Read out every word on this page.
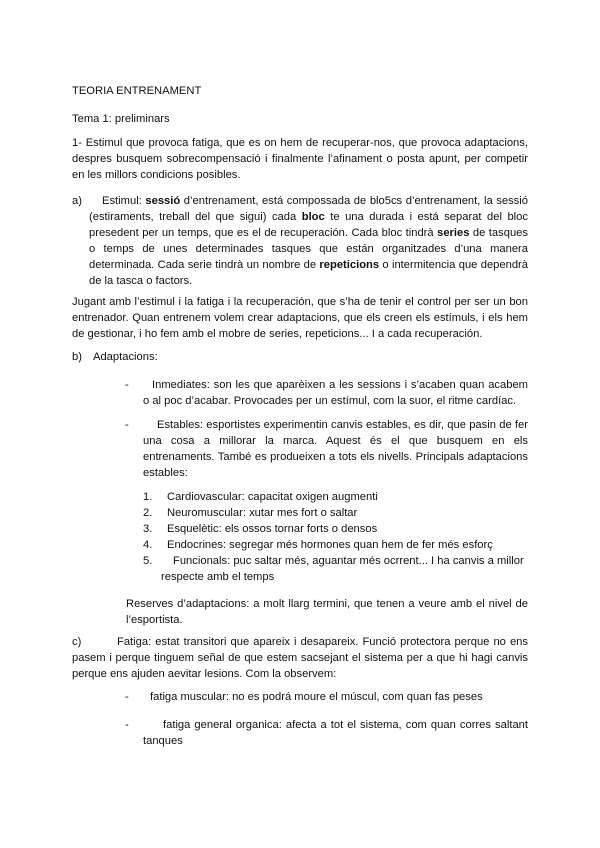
TEORIA ENTRENAMENT
Tema 1: preliminars
1- Estimul que provoca fatiga, que es on hem de recuperar-nos, que provoca adaptacions, despres busquem sobrecompensació i finalmente l’afinament o posta apunt, per competir en les millors condicions posibles.
a)	Estimul: sessió d’entrenament, está compossada de blo5cs d’entrenament, la sessió (estiraments, treball del que sigui) cada bloc te una durada i está separat del bloc presedent per un temps, que es el de recuperación. Cada bloc tindrà series de tasques o temps de unes determinades tasques que están organitzades d’una manera determinada. Cada serie tindrà un nombre de repeticions o intermitencia que dependrà de la tasca o factors.
Jugant amb l’estimul i la fatiga i la recuperación, que s’ha de tenir el control per ser un bon entrenador. Quan entrenem volem crear adaptacions, que els creen els estímuls, i els hem de gestionar, i ho fem amb el mobre de series, repeticions... I a cada recuperación.
b) Adaptacions:
-	Inmediates: son les que aparèixen a les sessions i s’acaben quan acabem o al poc d’acabar. Provocades per un estímul, com la suor, el ritme cardíac.
-	Estables: esportistes experimentin canvis estables, es dir, que pasin de fer una cosa a millorar la marca. Aquest és el que busquem en els entrenaments. També es produeixen a tots els nivells. Principals adaptacions estables:
1. Cardiovascular: capacitat oxigen augmenti
2. Neuromuscular: xutar mes fort o saltar
3. Esquelètic: els ossos tornar forts o densos
4. Endocrines: segregar més hormones quan hem de fer més esforç
5.	Funcionals: puc saltar més, aguantar més ocrrent... I ha canvis a millor respecte amb el temps
Reserves d’adaptacions: a molt llarg termini, que tenen a veure amb el nivel de l’esportista.
c)	Fatiga: estat transitori que apareix i desapareix. Funció protectora perque no ens pasem i perque tinguem señal de que estem sacsejant el sistema per a que hi hagi canvis perque ens ajuden aevitar lesions. Com la observem:
- fatiga muscular: no es podrá moure el múscul, com quan fas peses
-	fatiga general organica: afecta a tot el sistema, com quan corres saltant tanques
